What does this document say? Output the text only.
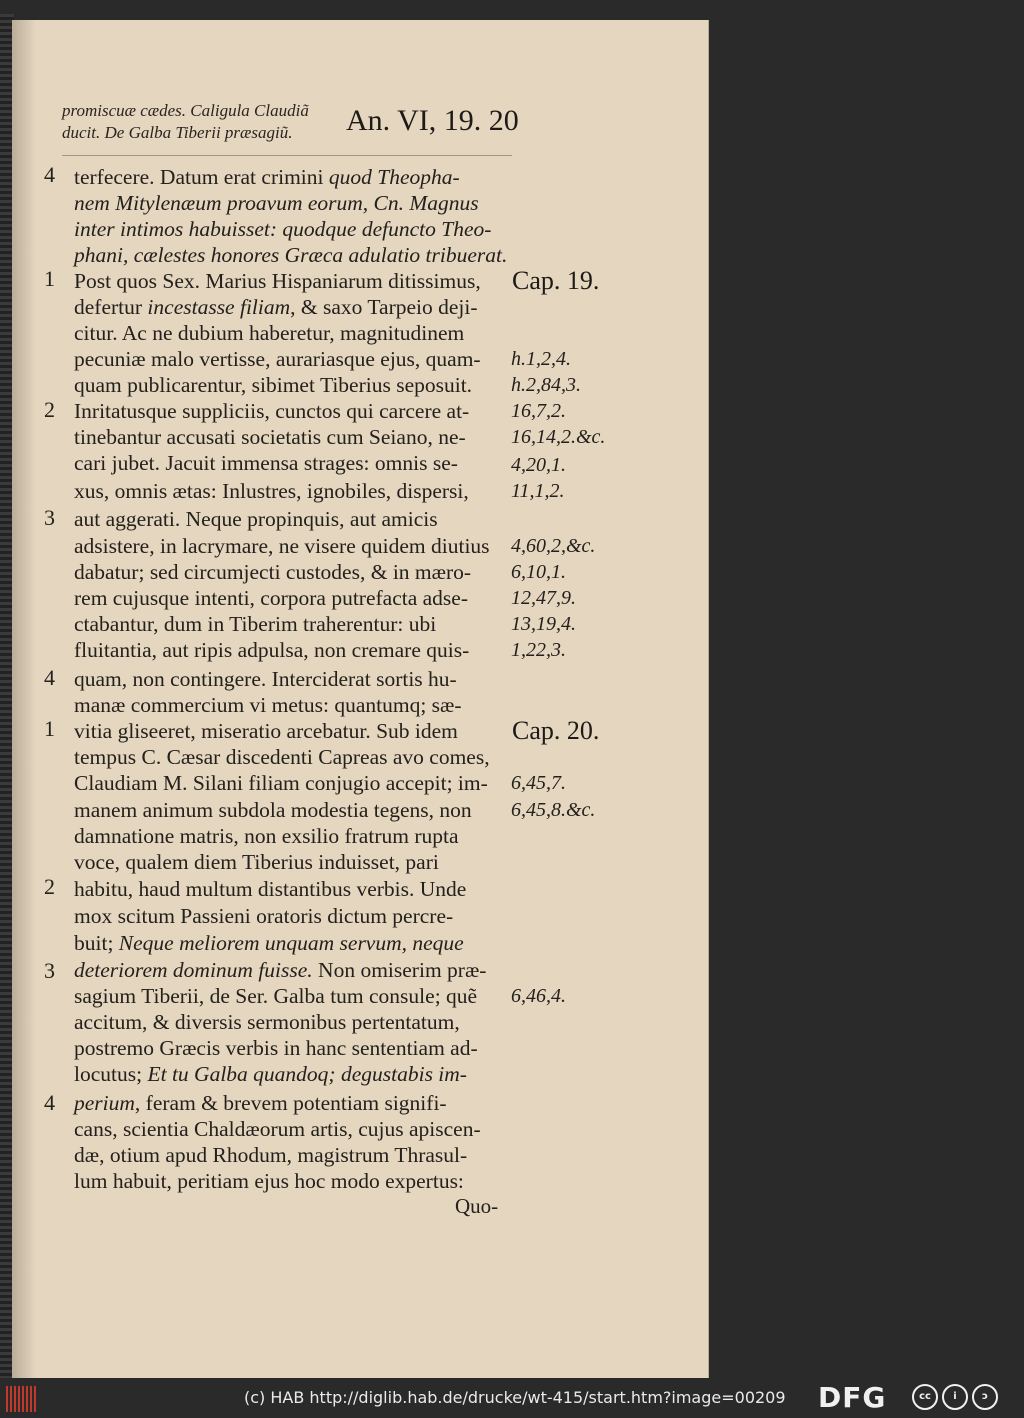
promiscuæ cædes. Caligula Claudiã
ducit. De Galba Tiberii præsagiũ.	An. VI, 19. 20
4
1
2
3
4
1
2
3
4
Cap. 19.
Cap. 20.
terfecere. Datum erat crimini quod Theopha-
nem Mitylenæum proavum eorum, Cn. Magnus
inter intimos habuisset: quodque defuncto Theo-
phani, cælestes honores Græca adulatio tribuerat.
Post quos Sex. Marius Hispaniarum ditissimus,
defertur incestasse filiam, & saxo Tarpeio deji-
citur. Ac ne dubium haberetur, magnitudinem
pecuniæ malo vertisse, aurariasque ejus, quam-
quam publicarentur, sibimet Tiberius seposuit.
Inritatusque suppliciis, cunctos qui carcere at-
tinebantur accusati societatis cum Seiano, ne-
cari jubet. Jacuit immensa strages: omnis se-
xus, omnis ætas: Inlustres, ignobiles, dispersi,
aut aggerati. Neque propinquis, aut amicis
adsistere, in lacrymare, ne visere quidem diutius
dabatur; sed circumjecti custodes, & in mæro-
rem cujusque intenti, corpora putrefacta adse-
ctabantur, dum in Tiberim traherentur: ubi
fluitantia, aut ripis adpulsa, non cremare quis-
quam, non contingere. Interciderat sortis hu-
manæ commercium vi metus: quantumq; sæ-
vitia gliseeret, miseratio arcebatur. Sub idem
tempus C. Cæsar discedenti Capreas avo comes,
Claudiam M. Silani filiam conjugio accepit; im-
manem animum subdola modestia tegens, non
damnatione matris, non exsilio fratrum rupta
voce, qualem diem Tiberius induisset, pari
habitu, haud multum distantibus verbis. Unde
mox scitum Passieni oratoris dictum percre-
buit; Neque meliorem unquam servum, neque
deteriorem dominum fuisse. Non omiserim præ-
sagium Tiberii, de Ser. Galba tum consule; quẽ
accitum, & diversis sermonibus pertentatum,
postremo Græcis verbis in hanc sententiam ad-
locutus; Et tu Galba quandoq; degustabis im-
perium, feram & brevem potentiam signifi-
cans, scientia Chaldæorum artis, cujus apiscen-
dæ, otium apud Rhodum, magistrum Thrasul-
lum habuit, peritiam ejus hoc modo expertus:
h.1,2,4.
h.2,84,3.
16,7,2.
16,14,2.&c.
4,20,1.
11,1,2.
4,60,2,&c.
6,10,1.
12,47,9.
13,19,4.
1,22,3.
6,45,7.
6,45,8.&c.
6,46,4.
Quo-
(c) HAB http://diglib.hab.de/drucke/wt-415/start.htm?image=00209 DFG	cc	i	ↄ
